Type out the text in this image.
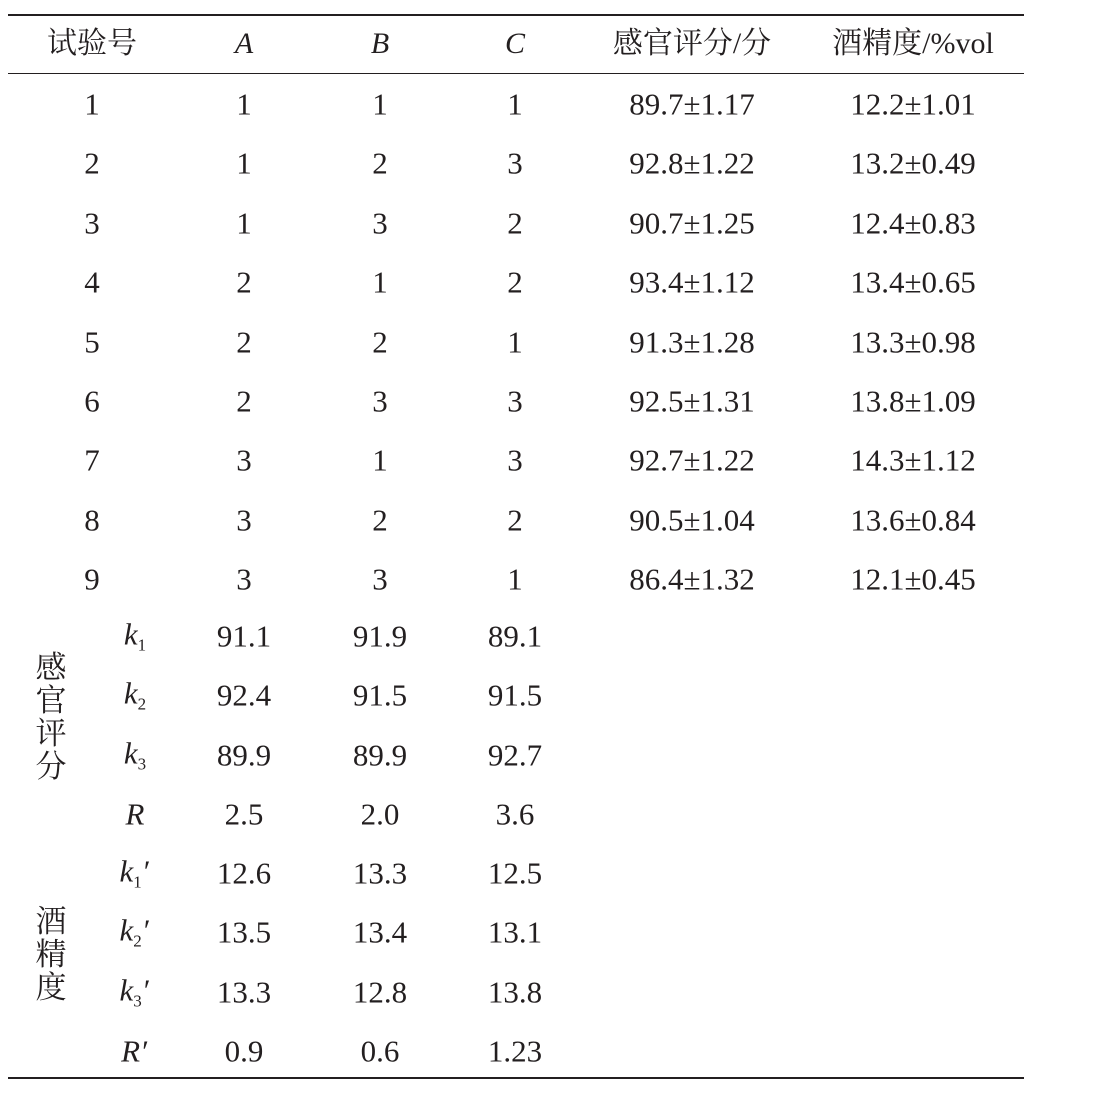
试验号	A	B	C	感官评分/分 酒精度/%vol
1	1	1	1	89.7±1.17	12.2±1.01
2	1	2	3	92.8±1.22	13.2±0.49
3	1	3	2	90.7±1.25	12.4±0.83
4	2	1	2	93.4±1.12	13.4±0.65
5	2	2	1	91.3±1.28	13.3±0.98
6	2	3	3	92.5±1.31	13.8±1.09
7	3	1	3	92.7±1.22	14.3±1.12
8	3	2	2	90.5±1.04	13.6±0.84
9	3	3	1	86.4±1.32	12.1±0.45
$k_1$ 91.1	91.9	89.1
$k_2$ 92.4	91.5	91.5
$k_3$ 89.9	89.9	92.7
R	2.5	2.0	3.6
$k_1'$ 12.6	13.3	12.5
$k_2'$ 13.5	13.4	13.1
$k_3'$ 13.3	12.8	13.8
R′ 0.9	0.6	1.23
感官评分
酒精度
